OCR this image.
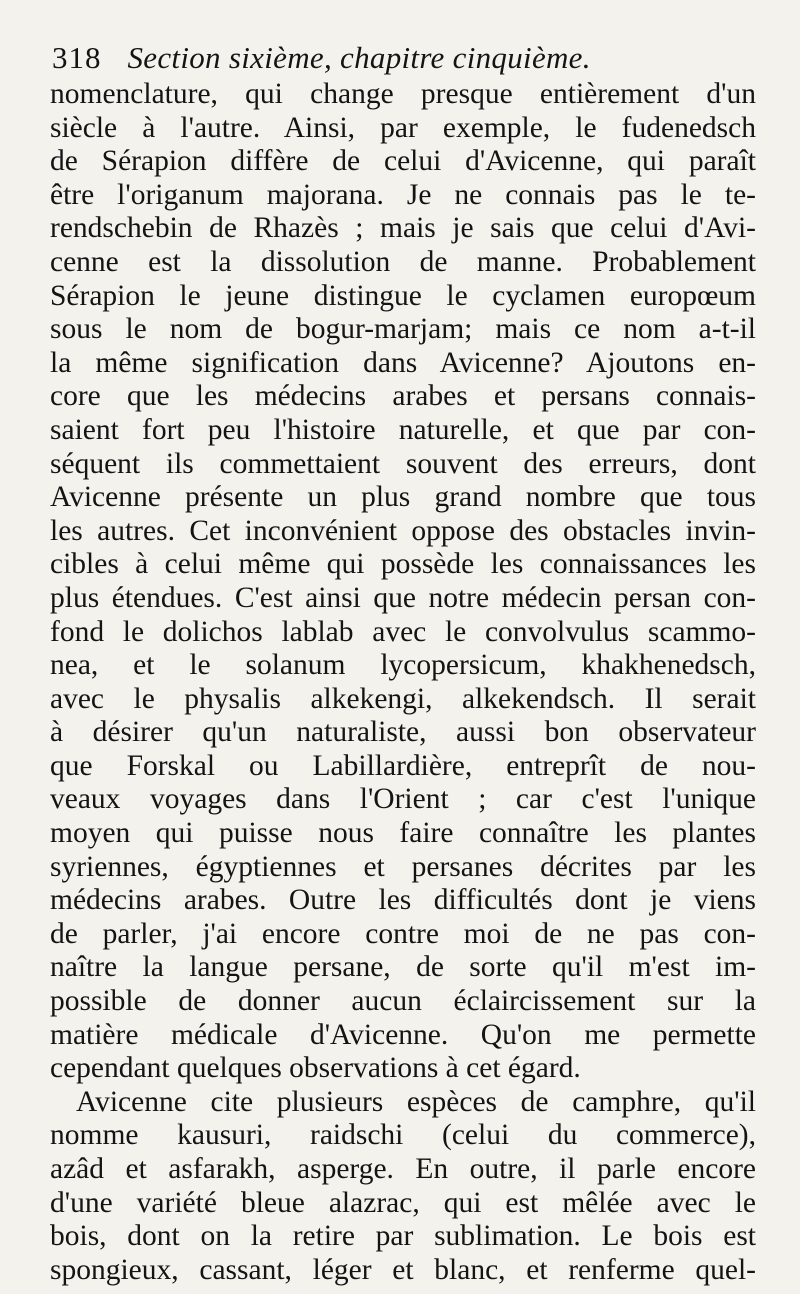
318 Section sixième, chapitre cinquième.
nomenclature, qui change presque entièrement d'un
siècle à l'autre. Ainsi, par exemple, le fudenedsch
de Sérapion diffère de celui d'Avicenne, qui paraît
être l'origanum majorana. Je ne connais pas le te-
rendschebin de Rhazès ; mais je sais que celui d'Avi-
cenne est la dissolution de manne. Probablement
Sérapion le jeune distingue le cyclamen europœum
sous le nom de bogur-marjam; mais ce nom a-t-il
la même signification dans Avicenne? Ajoutons en-
core que les médecins arabes et persans connais-
saient fort peu l'histoire naturelle, et que par con-
séquent ils commettaient souvent des erreurs, dont
Avicenne présente un plus grand nombre que tous
les autres. Cet inconvénient oppose des obstacles invin-
cibles à celui même qui possède les connaissances les
plus étendues. C'est ainsi que notre médecin persan con-
fond le dolichos lablab avec le convolvulus scammo-
nea, et le solanum lycopersicum, khakhenedsch,
avec le physalis alkekengi, alkekendsch. Il serait
à désirer qu'un naturaliste, aussi bon observateur
que Forskal ou Labillardière, entreprît de nou-
veaux voyages dans l'Orient ; car c'est l'unique
moyen qui puisse nous faire connaître les plantes
syriennes, égyptiennes et persanes décrites par les
médecins arabes. Outre les difficultés dont je viens
de parler, j'ai encore contre moi de ne pas con-
naître la langue persane, de sorte qu'il m'est im-
possible de donner aucun éclaircissement sur la
matière médicale d'Avicenne. Qu'on me permette
cependant quelques observations à cet égard.
Avicenne cite plusieurs espèces de camphre, qu'il
nomme kausuri, raidschi (celui du commerce),
azâd et asfarakh, asperge. En outre, il parle encore
d'une variété bleue alazrac, qui est mêlée avec le
bois, dont on la retire par sublimation. Le bois est
spongieux, cassant, léger et blanc, et renferme quel-
